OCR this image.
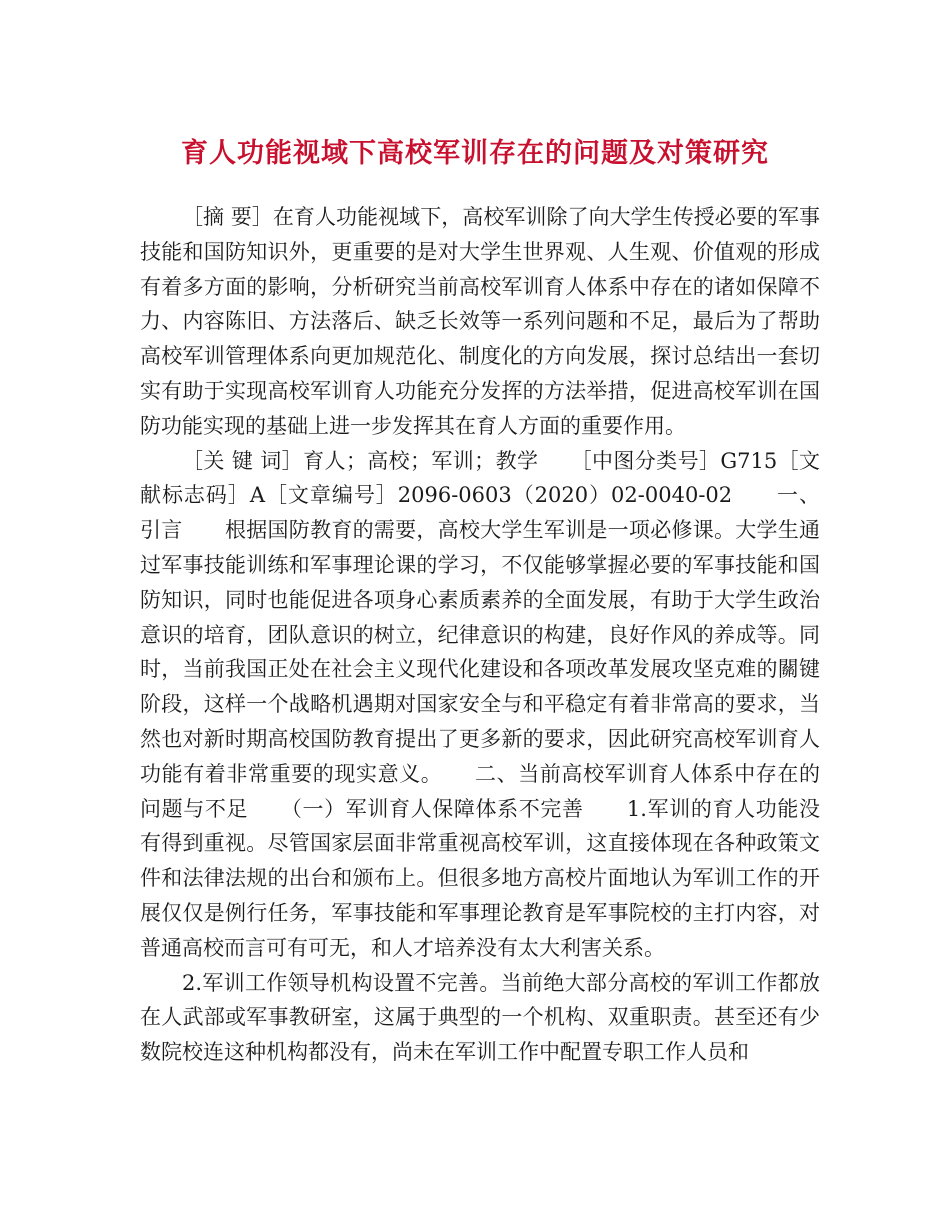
育人功能视域下高校军训存在的问题及对策研究

［摘 要］在育人功能视域下，高校军训除了向大学生传授必要的军事技能和国防知识外，更重要的是对大学生世界观、人生观、价值观的形成有着多方面的影响，分析研究当前高校军训育人体系中存在的诸如保障不力、内容陈旧、方法落后、缺乏长效等一系列问题和不足，最后为了帮助高校军训管理体系向更加规范化、制度化的方向发展，探讨总结出一套切实有助于实现高校军训育人功能充分发挥的方法举措，促进高校军训在国防功能实现的基础上进一步发挥其在育人方面的重要作用。

［关 键 词］育人；高校；军训；教学　　［中图分类号］G715［文献标志码］A［文章编号］2096-0603（2020）02-0040-02　　一、引言　　根据国防教育的需要，高校大学生军训是一项必修课。大学生通过军事技能训练和军事理论课的学习，不仅能够掌握必要的军事技能和国防知识，同时也能促进各项身心素质素养的全面发展，有助于大学生政治意识的培育，团队意识的树立，纪律意识的构建，良好作风的养成等。同时，当前我国正处在社会主义现代化建设和各项改革发展攻坚克难的關键阶段，这样一个战略机遇期对国家安全与和平稳定有着非常高的要求，当然也对新时期高校国防教育提出了更多新的要求，因此研究高校军训育人功能有着非常重要的现实意义。　　二、当前高校军训育人体系中存在的问题与不足　　（一）军训育人保障体系不完善　　1.军训的育人功能没有得到重视。尽管国家层面非常重视高校军训，这直接体现在各种政策文件和法律法规的出台和颁布上。但很多地方高校片面地认为军训工作的开展仅仅是例行任务，军事技能和军事理论教育是军事院校的主打内容，对普通高校而言可有可无，和人才培养没有太大利害关系。

2.军训工作领导机构设置不完善。当前绝大部分高校的军训工作都放在人武部或军事教研室，这属于典型的一个机构、双重职责。甚至还有少数院校连这种机构都没有，尚未在军训工作中配置专职工作人员和
